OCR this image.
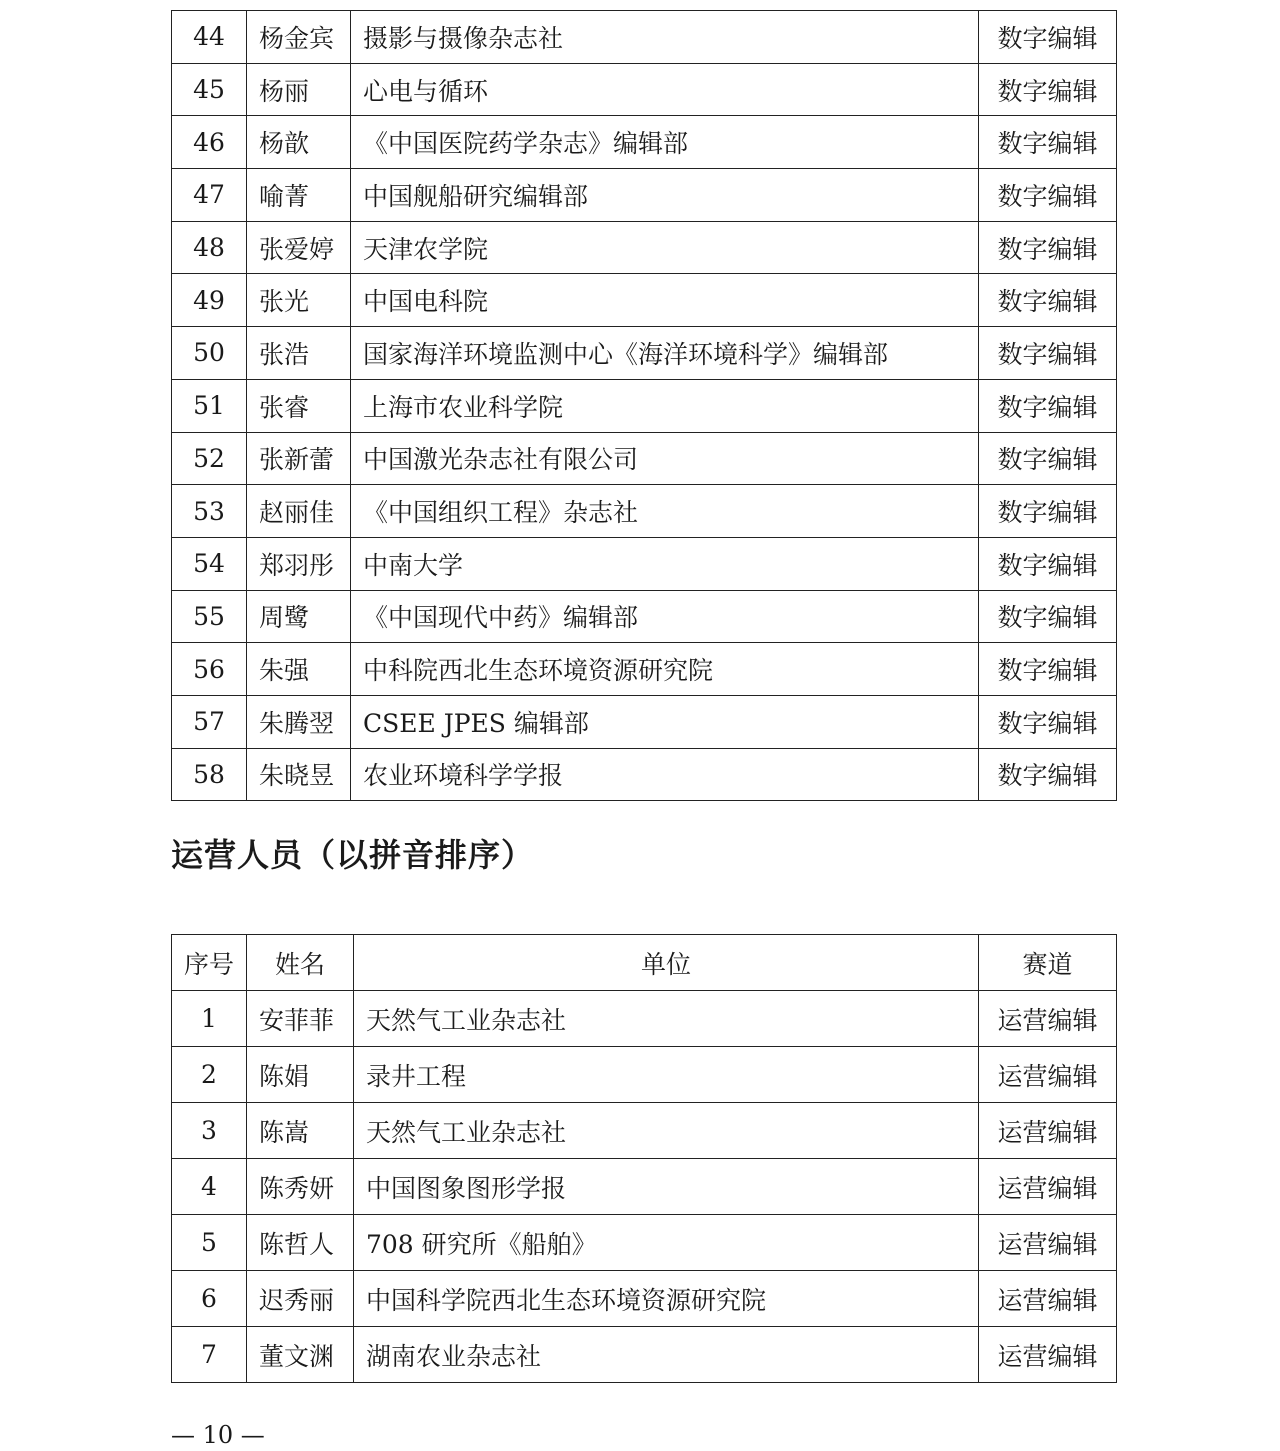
44	杨金宾	摄影与摄像杂志社	数字编辑
45	杨丽	心电与循环	数字编辑
46	杨歆	《中国医院药学杂志》编辑部	数字编辑
47	喻菁	中国舰船研究编辑部	数字编辑
48	张爱婷	天津农学院	数字编辑
49	张光	中国电科院	数字编辑
50	张浩	国家海洋环境监测中心《海洋环境科学》编辑部	数字编辑
51	张睿	上海市农业科学院	数字编辑
52	张新蕾	中国激光杂志社有限公司	数字编辑
53	赵丽佳	《中国组织工程》杂志社	数字编辑
54	郑羽彤	中南大学	数字编辑
55	周鹭	《中国现代中药》编辑部	数字编辑
56	朱强	中科院西北生态环境资源研究院	数字编辑
57	朱腾翌	CSEE JPES 编辑部	数字编辑
58	朱晓昱	农业环境科学学报	数字编辑
运营人员（以拼音排序）
序号	姓名	单位	赛道
1	安菲菲	天然气工业杂志社	运营编辑
2	陈娟	录井工程	运营编辑
3	陈嵩	天然气工业杂志社	运营编辑
4	陈秀妍	中国图象图形学报	运营编辑
5	陈哲人	708 研究所《船舶》	运营编辑
6	迟秀丽	中国科学院西北生态环境资源研究院	运营编辑
7	董文渊	湖南农业杂志社	运营编辑
— 10 —
